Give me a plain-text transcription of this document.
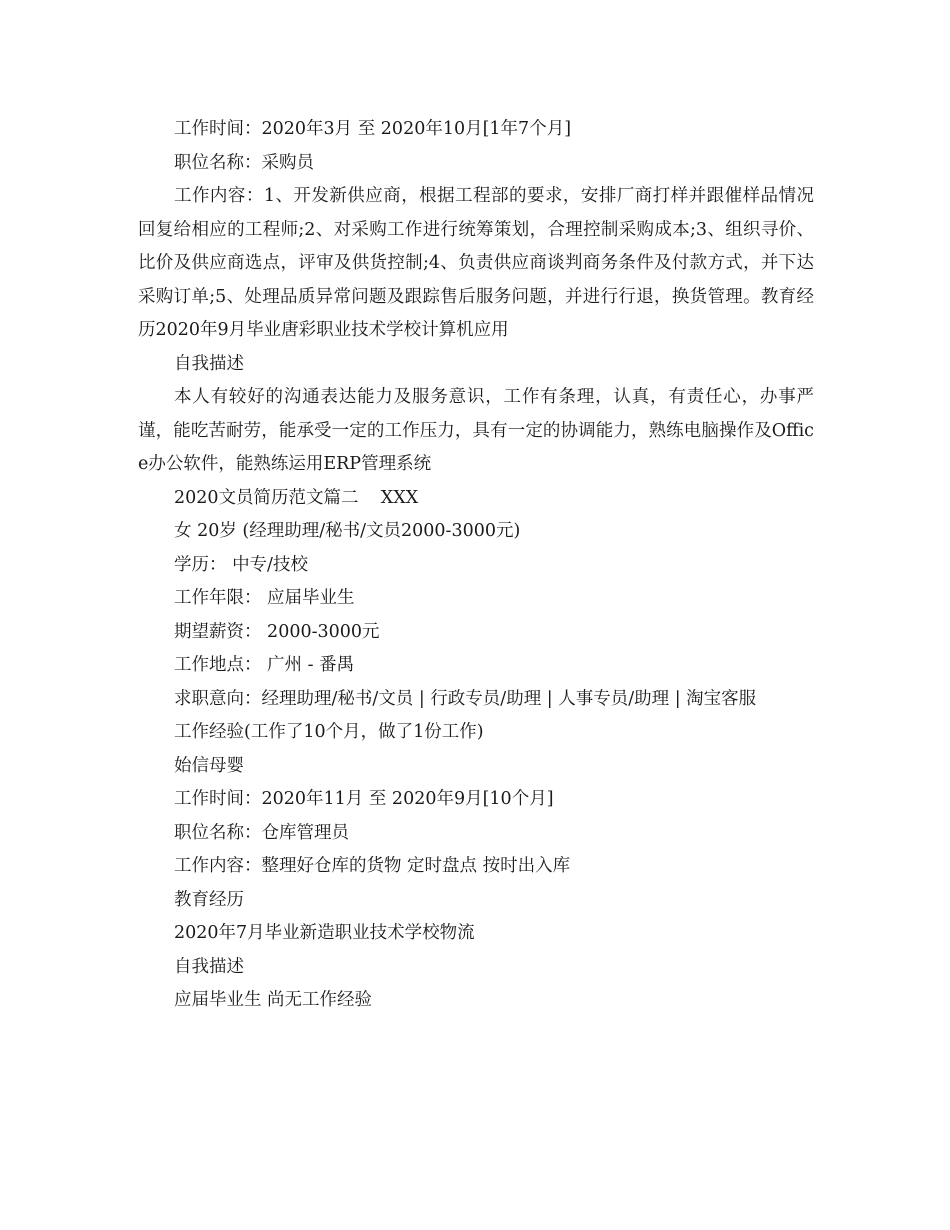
工作时间：2020年3月 至 2020年10月[1年7个月]

职位名称：采购员

工作内容：1、开发新供应商，根据工程部的要求，安排厂商打样并跟催样品情况回复给相应的工程师;2、对采购工作进行统筹策划，合理控制采购成本;3、组织寻价、比价及供应商选点，评审及供货控制;4、负责供应商谈判商务条件及付款方式，并下达采购订单;5、处理品质异常问题及跟踪售后服务问题，并进行行退，换货管理。教育经历2020年9月毕业唐彩职业技术学校计算机应用

自我描述

本人有较好的沟通表达能力及服务意识，工作有条理，认真，有责任心，办事严谨，能吃苦耐劳，能承受一定的工作压力，具有一定的协调能力，熟练电脑操作及Office办公软件，能熟练运用ERP管理系统

2020文员简历范文篇二    XXX

女 20岁 (经理助理/秘书/文员2000-3000元)

学历： 中专/技校

工作年限： 应届毕业生

期望薪资： 2000-3000元

工作地点： 广州 - 番禺

求职意向：经理助理/秘书/文员 | 行政专员/助理 | 人事专员/助理 | 淘宝客服

工作经验(工作了10个月，做了1份工作)

始信母婴

工作时间：2020年11月 至 2020年9月[10个月]

职位名称：仓库管理员

工作内容：整理好仓库的货物 定时盘点 按时出入库

教育经历

2020年7月毕业新造职业技术学校物流

自我描述

应届毕业生 尚无工作经验
